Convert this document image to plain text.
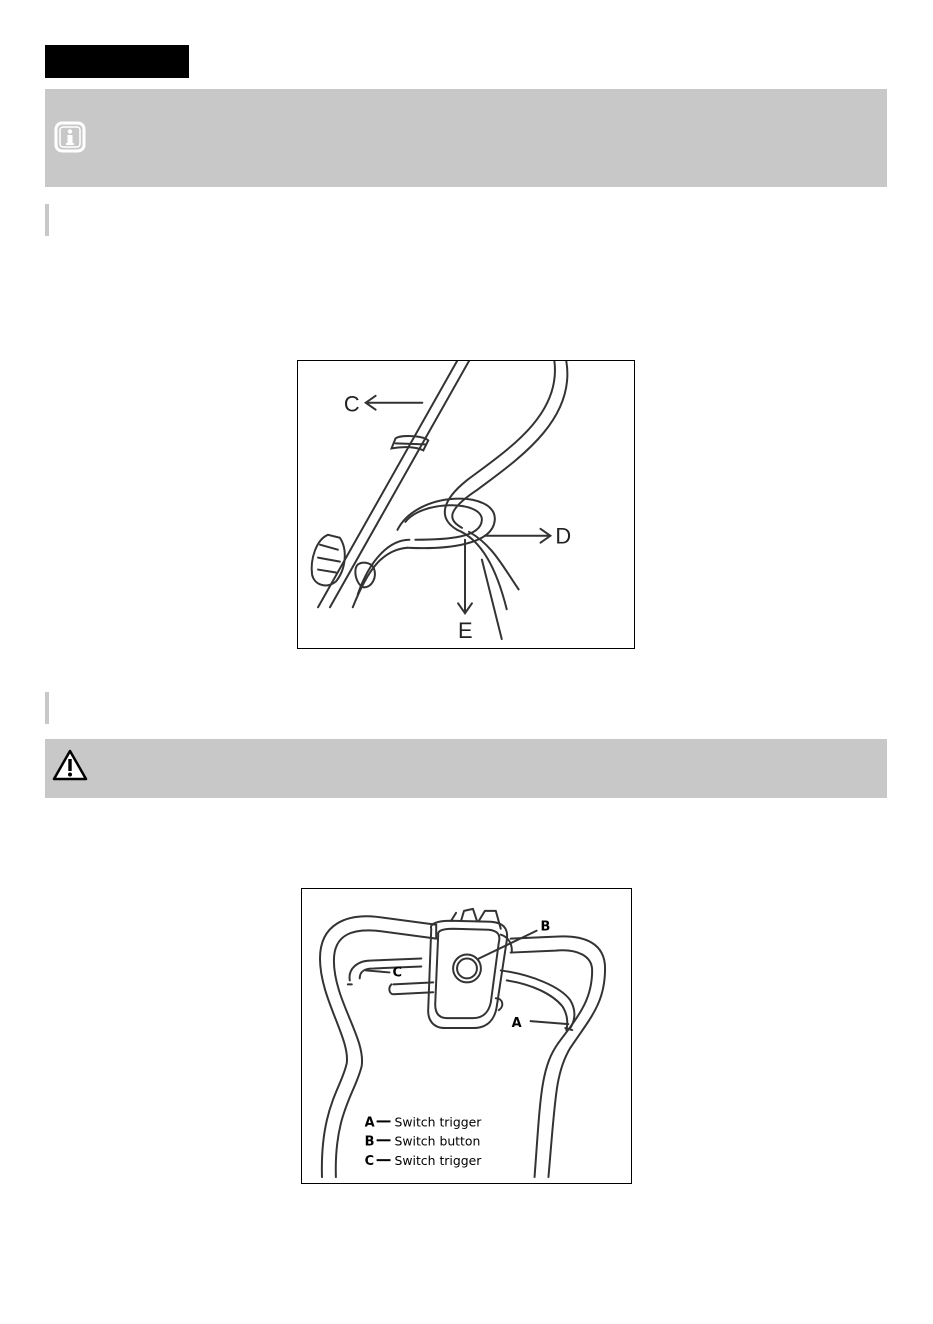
C
D
E
B
C
A
A Switch trigger
B Switch button
C Switch trigger
